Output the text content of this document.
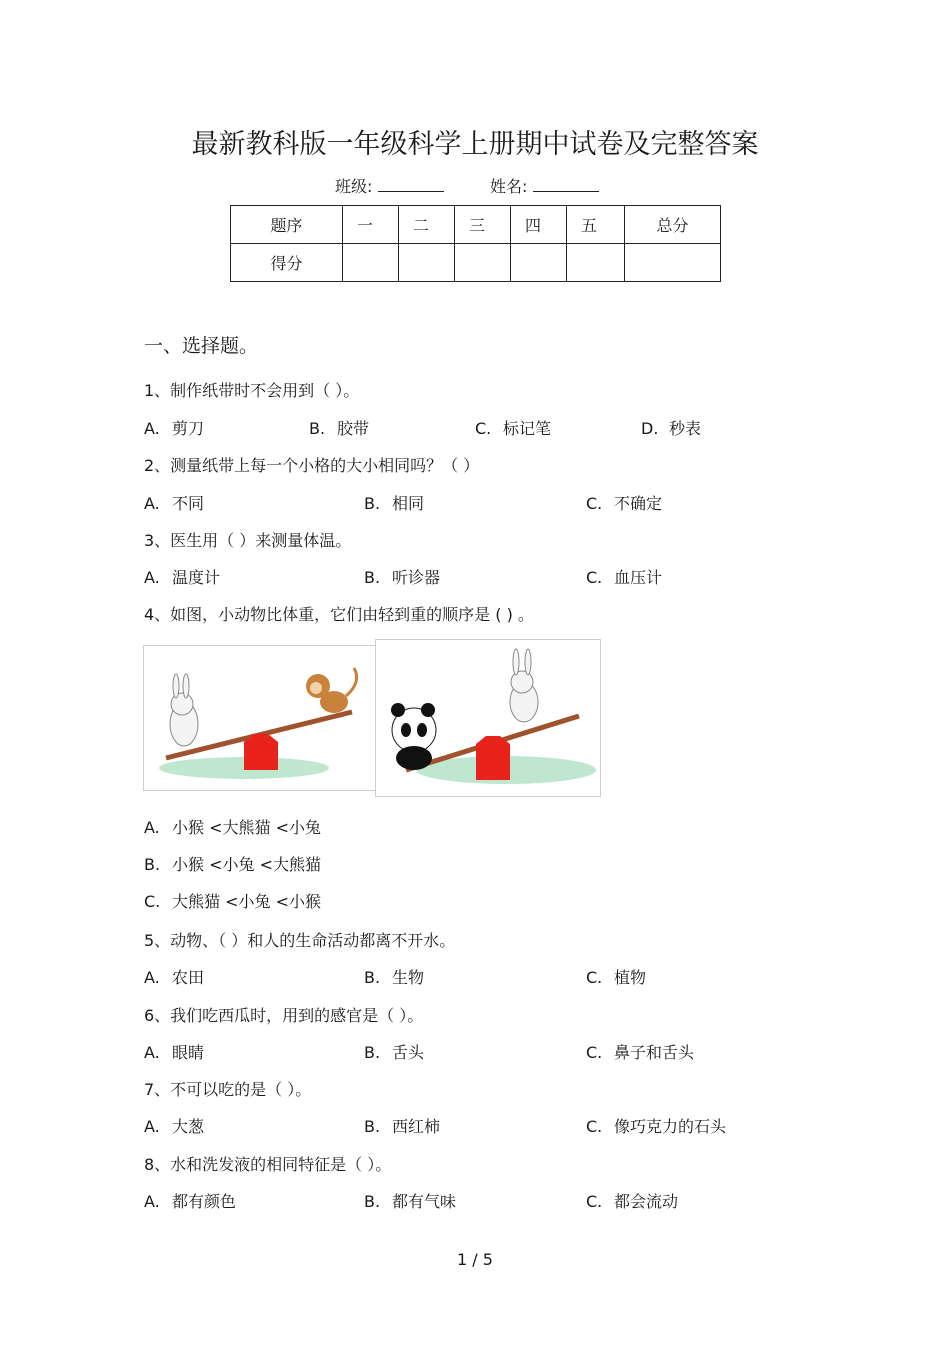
最新教科版一年级科学上册期中试卷及完整答案
班级:	姓名:
题序	一	二	三	四	五	总分
得分						
一、选择题。
1、制作纸带时不会用到（ ）。
A. 剪刀	B. 胶带	C. 标记笔	D. 秒表
2、测量纸带上每一个小格的大小相同吗？（ ）
A. 不同	B. 相同	C. 不确定
3、医生用（ ）来测量体温。
A. 温度计	B. 听诊器	C. 血压计
4、如图，小动物比体重，它们由轻到重的顺序是 ( ) 。
A. 小猴 <大熊猫 <小兔
B. 小猴 <小兔 <大熊猫
C. 大熊猫 <小兔 <小猴
5、动物、（ ）和人的生命活动都离不开水。
A. 农田	B. 生物	C. 植物
6、我们吃西瓜时，用到的感官是（ ）。
A. 眼睛	B. 舌头	C. 鼻子和舌头
7、不可以吃的是（ ）。
A. 大葱	B. 西红柿	C. 像巧克力的石头
8、水和洗发液的相同特征是（ ）。
A. 都有颜色	B. 都有气味	C. 都会流动
1 / 5
